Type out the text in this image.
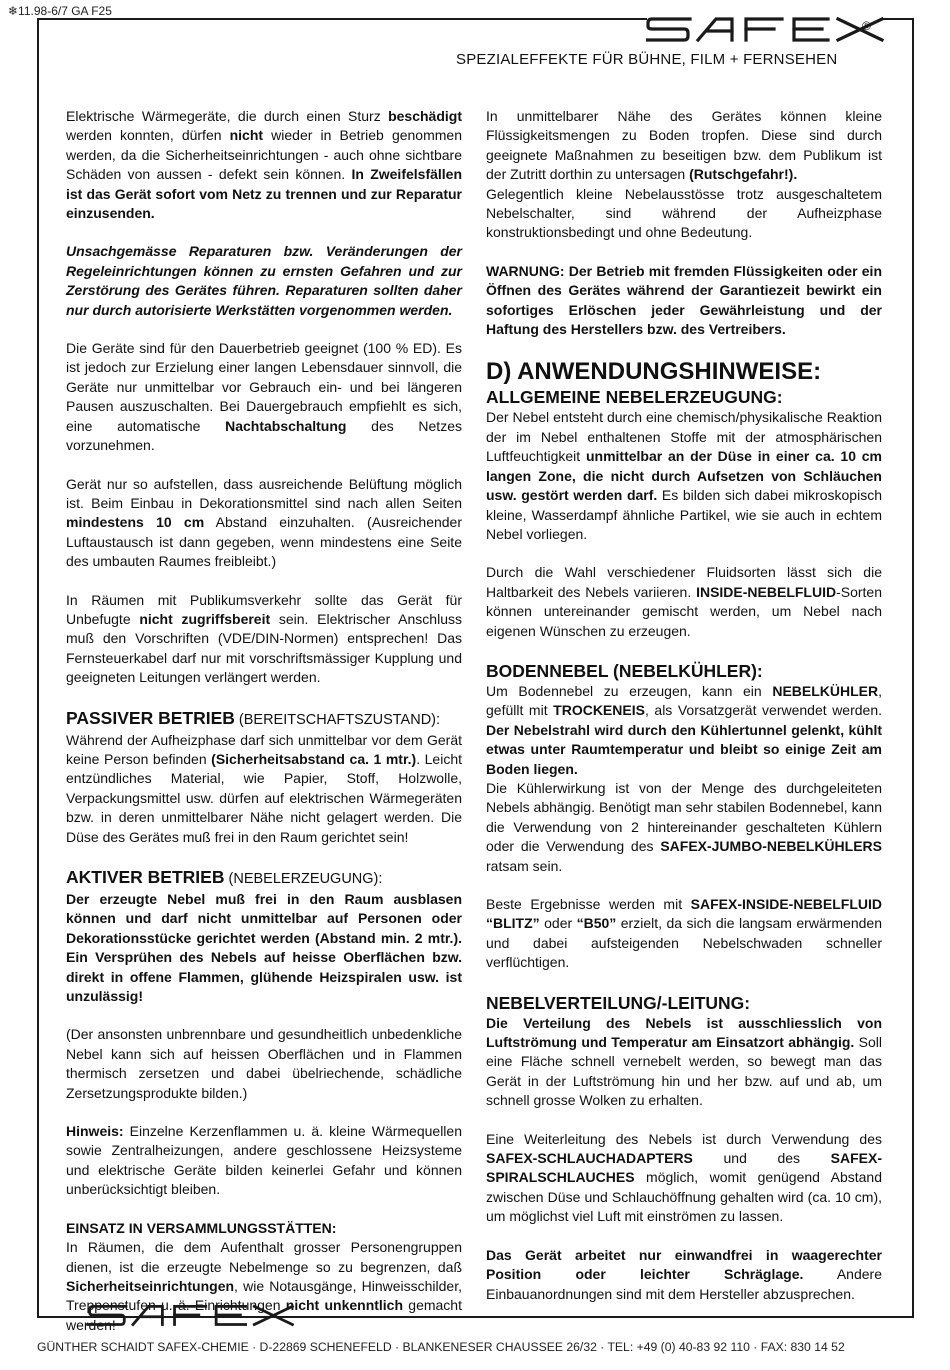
❄11.98-6/7 GA F25
®
SPEZIALEFFEKTE FÜR BÜHNE, FILM + FERNSEHEN

Elektrische Wärmegeräte, die durch einen Sturz beschädigt werden konnten, dürfen nicht wieder in Betrieb genommen werden, da die Sicherheitseinrichtungen - auch ohne sichtbare Schäden von aussen - defekt sein können. In Zweifelsfällen ist das Gerät sofort vom Netz zu trennen und zur Reparatur einzusenden.

Unsachgemässe Reparaturen bzw. Veränderungen der Regeleinrichtungen können zu ernsten Gefahren und zur Zerstörung des Gerätes führen. Reparaturen sollten daher nur durch autorisierte Werkstätten vorgenommen werden.

Die Geräte sind für den Dauerbetrieb geeignet (100 % ED). Es ist jedoch zur Erzielung einer langen Lebensdauer sinnvoll, die Geräte nur unmittelbar vor Gebrauch ein- und bei längeren Pausen auszuschalten. Bei Dauergebrauch empfiehlt es sich, eine automatische Nachtabschaltung des Netzes vorzunehmen.

Gerät nur so aufstellen, dass ausreichende Belüftung möglich ist. Beim Einbau in Dekorationsmittel sind nach allen Seiten mindestens 10 cm Abstand einzuhalten. (Ausreichender Luftaustausch ist dann gegeben, wenn mindestens eine Seite des umbauten Raumes freibleibt.)

In Räumen mit Publikumsverkehr sollte das Gerät für Unbefugte nicht zugriffsbereit sein. Elektrischer Anschluss muß den Vorschriften (VDE/DIN-Normen) entsprechen! Das Fernsteuerkabel darf nur mit vorschriftsmässiger Kupplung und geeigneten Leitungen verlängert werden.

PASSIVER BETRIEB (BEREITSCHAFTSZUSTAND):

Während der Aufheizphase darf sich unmittelbar vor dem Gerät keine Person befinden (Sicherheitsabstand ca. 1 mtr.). Leicht entzündliches Material, wie Papier, Stoff, Holzwolle, Verpackungsmittel usw. dürfen auf elektrischen Wärmegeräten bzw. in deren unmittelbarer Nähe nicht gelagert werden. Die Düse des Gerätes muß frei in den Raum gerichtet sein!

AKTIVER BETRIEB (NEBELERZEUGUNG):

Der erzeugte Nebel muß frei in den Raum ausblasen können und darf nicht unmittelbar auf Personen oder Dekorationsstücke gerichtet werden (Abstand min. 2 mtr.). Ein Versprühen des Nebels auf heisse Oberflächen bzw. direkt in offene Flammen, glühende Heizspiralen usw. ist unzulässig!

(Der ansonsten unbrennbare und gesundheitlich unbedenkliche Nebel kann sich auf heissen Oberflächen und in Flammen thermisch zersetzen und dabei übelriechende, schädliche Zersetzungsprodukte bilden.)

Hinweis: Einzelne Kerzenflammen u. ä. kleine Wärmequellen sowie Zentralheizungen, andere geschlossene Heizsysteme und elektrische Geräte bilden keinerlei Gefahr und können unberücksichtigt bleiben.

EINSATZ IN VERSAMMLUNGSSTÄTTEN:

In Räumen, die dem Aufenthalt grosser Personengruppen dienen, ist die erzeugte Nebelmenge so zu begrenzen, daß Sicherheitseinrichtungen, wie Notausgänge, Hinweisschilder, Treppenstufen u. ä. Einrichtungen nicht unkenntlich gemacht werden!

In unmittelbarer Nähe des Gerätes können kleine Flüssigkeitsmengen zu Boden tropfen. Diese sind durch geeignete Maßnahmen zu beseitigen bzw. dem Publikum ist der Zutritt dorthin zu untersagen (Rutschgefahr!).

Gelegentlich kleine Nebelausstösse trotz ausgeschaltetem Nebelschalter, sind während der Aufheizphase konstruktionsbedingt und ohne Bedeutung.

WARNUNG: Der Betrieb mit fremden Flüssigkeiten oder ein Öffnen des Gerätes während der Garantiezeit bewirkt ein sofortiges Erlöschen jeder Gewährleistung und der Haftung des Herstellers bzw. des Vertreibers.

D) ANWENDUNGSHINWEISE:
ALLGEMEINE NEBELERZEUGUNG:

Der Nebel entsteht durch eine chemisch/physikalische Reaktion der im Nebel enthaltenen Stoffe mit der atmosphärischen Luftfeuchtigkeit unmittelbar an der Düse in einer ca. 10 cm langen Zone, die nicht durch Aufsetzen von Schläuchen usw. gestört werden darf. Es bilden sich dabei mikroskopisch kleine, Wasserdampf ähnliche Partikel, wie sie auch in echtem Nebel vorliegen.

Durch die Wahl verschiedener Fluidsorten lässt sich die Haltbarkeit des Nebels variieren. INSIDE-NEBELFLUID-Sorten können untereinander gemischt werden, um Nebel nach eigenen Wünschen zu erzeugen.

BODENNEBEL (NEBELKÜHLER):

Um Bodennebel zu erzeugen, kann ein NEBELKÜHLER, gefüllt mit TROCKENEIS, als Vorsatzgerät verwendet werden. Der Nebelstrahl wird durch den Kühlertunnel gelenkt, kühlt etwas unter Raumtemperatur und bleibt so einige Zeit am Boden liegen.

Die Kühlerwirkung ist von der Menge des durchgeleiteten Nebels abhängig. Benötigt man sehr stabilen Bodennebel, kann die Verwendung von 2 hintereinander geschalteten Kühlern oder die Verwendung des SAFEX-JUMBO-NEBELKÜHLERS ratsam sein.

Beste Ergebnisse werden mit SAFEX-INSIDE-NEBELFLUID “BLITZ” oder “B50” erzielt, da sich die langsam erwärmenden und dabei aufsteigenden Nebelschwaden schneller verflüchtigen.

NEBELVERTEILUNG/-LEITUNG:

Die Verteilung des Nebels ist ausschliesslich von Luftströmung und Temperatur am Einsatzort abhängig. Soll eine Fläche schnell vernebelt werden, so bewegt man das Gerät in der Luftströmung hin und her bzw. auf und ab, um schnell grosse Wolken zu erhalten.

Eine Weiterleitung des Nebels ist durch Verwendung des SAFEX-SCHLAUCHADAPTERS und des SAFEX-SPIRALSCHLAUCHES möglich, womit genügend Abstand zwischen Düse und Schlauchöffnung gehalten wird (ca. 10 cm), um möglichst viel Luft mit einströmen zu lassen.

Das Gerät arbeitet nur einwandfrei in waagerechter Position oder leichter Schräglage. Andere Einbauanordnungen sind mit dem Hersteller abzusprechen.

GÜNTHER SCHAIDT SAFEX-CHEMIE · D-22869 SCHENEFELD · BLANKENESER CHAUSSEE 26/32 · TEL: +49 (0) 40-83 92 110 · FAX: 830 14 52
